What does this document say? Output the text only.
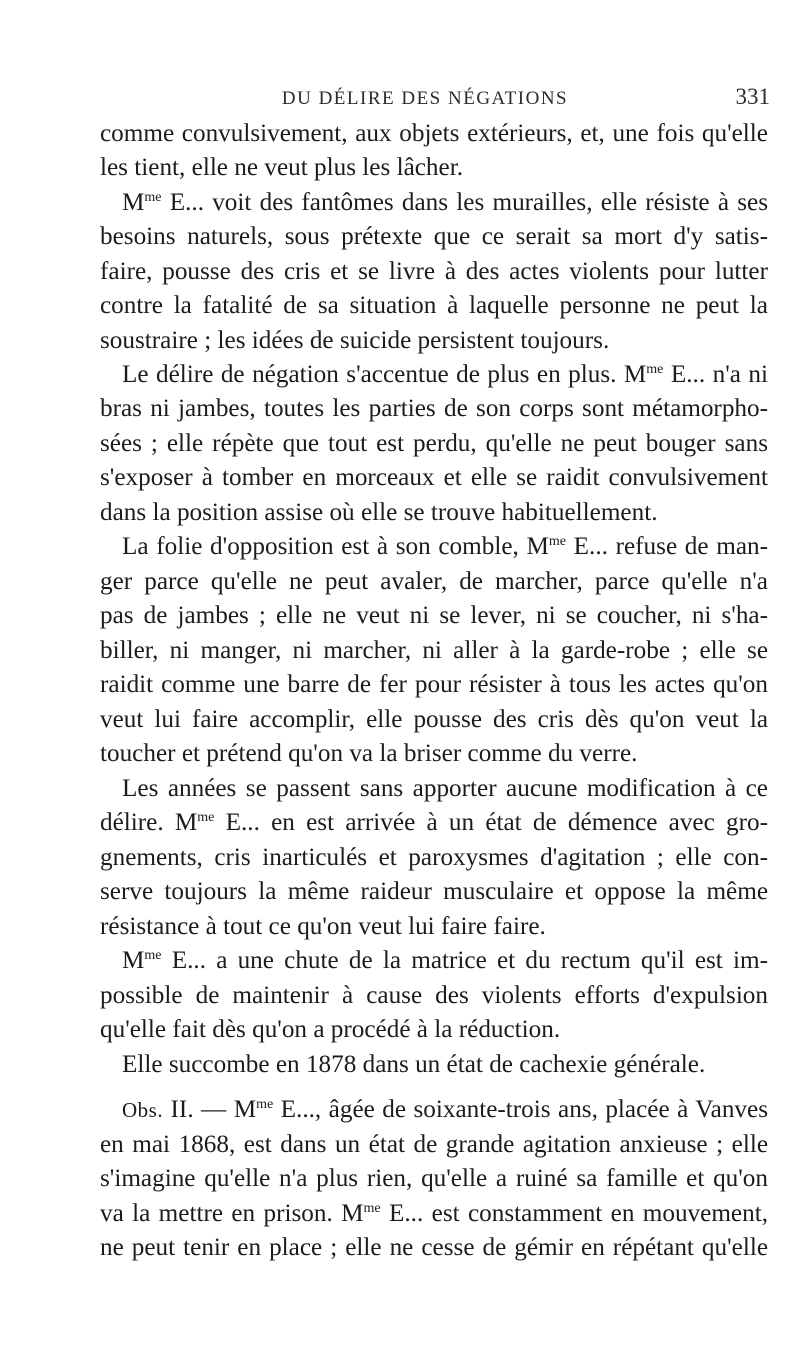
DU DÉLIRE DES NÉGATIONS	331
comme convulsivement, aux objets extérieurs, et, une fois qu'elle
les tient, elle ne veut plus les lâcher.
$M^{me}$ E... voit des fantômes dans les murailles, elle résiste à ses
besoins naturels, sous prétexte que ce serait sa mort d'y satis-
faire, pousse des cris et se livre à des actes violents pour lutter
contre la fatalité de sa situation à laquelle personne ne peut la
soustraire ; les idées de suicide persistent toujours.
Le délire de négation s'accentue de plus en plus. $M^{me}$ E... n'a ni
bras ni jambes, toutes les parties de son corps sont métamorpho-
sées ; elle répète que tout est perdu, qu'elle ne peut bouger sans
s'exposer à tomber en morceaux et elle se raidit convulsivement
dans la position assise où elle se trouve habituellement.
La folie d'opposition est à son comble, $M^{me}$ E... refuse de man-
ger parce qu'elle ne peut avaler, de marcher, parce qu'elle n'a
pas de jambes ; elle ne veut ni se lever, ni se coucher, ni s'ha-
biller, ni manger, ni marcher, ni aller à la garde-robe ; elle se
raidit comme une barre de fer pour résister à tous les actes qu'on
veut lui faire accomplir, elle pousse des cris dès qu'on veut la
toucher et prétend qu'on va la briser comme du verre.
Les années se passent sans apporter aucune modification à ce
délire. $M^{me}$ E... en est arrivée à un état de démence avec gro-
gnements, cris inarticulés et paroxysmes d'agitation ; elle con-
serve toujours la même raideur musculaire et oppose la même
résistance à tout ce qu'on veut lui faire faire.
$M^{me}$ E... a une chute de la matrice et du rectum qu'il est im-
possible de maintenir à cause des violents efforts d'expulsion
qu'elle fait dès qu'on a procédé à la réduction.
Elle succombe en 1878 dans un état de cachexie générale.
Obs. II. — $M^{me}$ E..., âgée de soixante-trois ans, placée à Vanves
en mai 1868, est dans un état de grande agitation anxieuse ; elle
s'imagine qu'elle n'a plus rien, qu'elle a ruiné sa famille et qu'on
va la mettre en prison. $M^{me}$ E... est constamment en mouvement,
ne peut tenir en place ; elle ne cesse de gémir en répétant qu'elle
